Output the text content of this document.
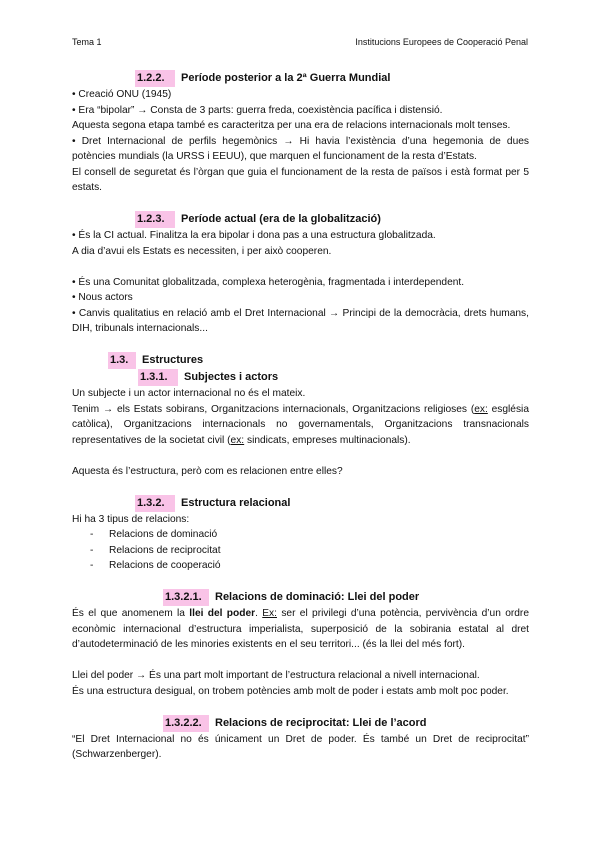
Tema 1	Institucions Europees de Cooperació Penal

1.2.2. Període posterior a la 2ª Guerra Mundial

• Creació ONU (1945)

• Era “bipolar” → Consta de 3 parts: guerra freda, coexistència pacífica i distensió.

Aquesta segona etapa també es caracteritza per una era de relacions internacionals molt tenses.

• Dret Internacional de perfils hegemònics → Hi havia l’existència d’una hegemonia de dues potències mundials (la URSS i EEUU), que marquen el funcionament de la resta d’Estats.

El consell de seguretat és l’òrgan que guia el funcionament de la resta de països i està format per 5 estats.

1.2.3. Període actual (era de la globalització)

• És la CI actual. Finalitza la era bipolar i dona pas a una estructura globalitzada.

A dia d’avui els Estats es necessiten, i per això cooperen.

• És una Comunitat globalitzada, complexa heterogènia, fragmentada i interdependent.

• Nous actors

• Canvis qualitatius en relació amb el Dret Internacional → Principi de la democràcia, drets humans, DIH, tribunals internacionals...

1.3. Estructures

1.3.1. Subjectes i actors

Un subjecte i un actor internacional no és el mateix.

Tenim → els Estats sobirans, Organitzacions internacionals, Organitzacions religioses (ex: església catòlica), Organitzacions internacionals no governamentals, Organitzacions transnacionals representatives de la societat civil (ex: sindicats, empreses multinacionals).

Aquesta és l’estructura, però com es relacionen entre elles?

1.3.2. Estructura relacional

Hi ha 3 tipus de relacions:

- Relacions de dominació

- Relacions de reciprocitat

- Relacions de cooperació

1.3.2.1. Relacions de dominació: Llei del poder

És el que anomenem la llei del poder. Ex: ser el privilegi d’una potència, pervivència d’un ordre econòmic internacional d’estructura imperialista, superposició de la sobirania estatal al dret d’autodeterminació de les minories existents en el seu territori... (és la llei del més fort).

Llei del poder → És una part molt important de l’estructura relacional a nivell internacional.

És una estructura desigual, on trobem potències amb molt de poder i estats amb molt poc poder.

1.3.2.2. Relacions de reciprocitat: Llei de l’acord

“El Dret Internacional no és únicament un Dret de poder. És també un Dret de reciprocitat” (Schwarzenberger).
